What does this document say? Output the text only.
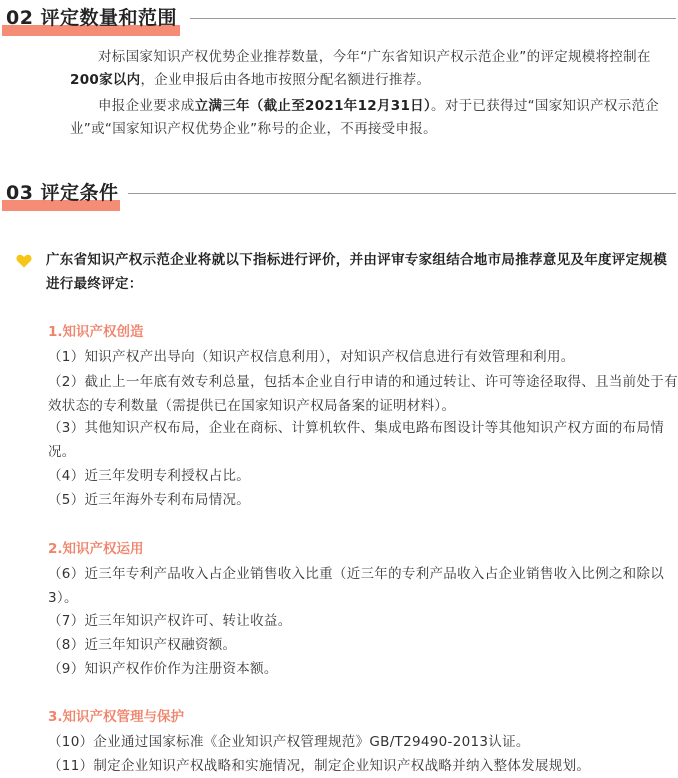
02 评定数量和范围

对标国家知识产权优势企业推荐数量，今年“广东省知识产权示范企业”的评定规模将控制在200家以内，企业申报后由各地市按照分配名额进行推荐。

申报企业要求成立满三年（截止至2021年12月31日）。对于已获得过“国家知识产权示范企业”或“国家知识产权优势企业”称号的企业，不再接受申报。

03 评定条件

广东省知识产权示范企业将就以下指标进行评价，并由评审专家组结合地市局推荐意见及年度评定规模进行最终评定：

1.知识产权创造

（1）知识产权产出导向（知识产权信息利用），对知识产权信息进行有效管理和利用。

（2）截止上一年底有效专利总量，包括本企业自行申请的和通过转让、许可等途径取得、且当前处于有效状态的专利数量（需提供已在国家知识产权局备案的证明材料）。

（3）其他知识产权布局，企业在商标、计算机软件、集成电路布图设计等其他知识产权方面的布局情况。

（4）近三年发明专利授权占比。

（5）近三年海外专利布局情况。

2.知识产权运用

（6）近三年专利产品收入占企业销售收入比重（近三年的专利产品收入占企业销售收入比例之和除以3）。

（7）近三年知识产权许可、转让收益。

（8）近三年知识产权融资额。

（9）知识产权作价作为注册资本额。

3.知识产权管理与保护

（10）企业通过国家标准《企业知识产权管理规范》GB/T29490-2013认证。

（11）制定企业知识产权战略和实施情况，制定企业知识产权战略并纳入整体发展规划。
